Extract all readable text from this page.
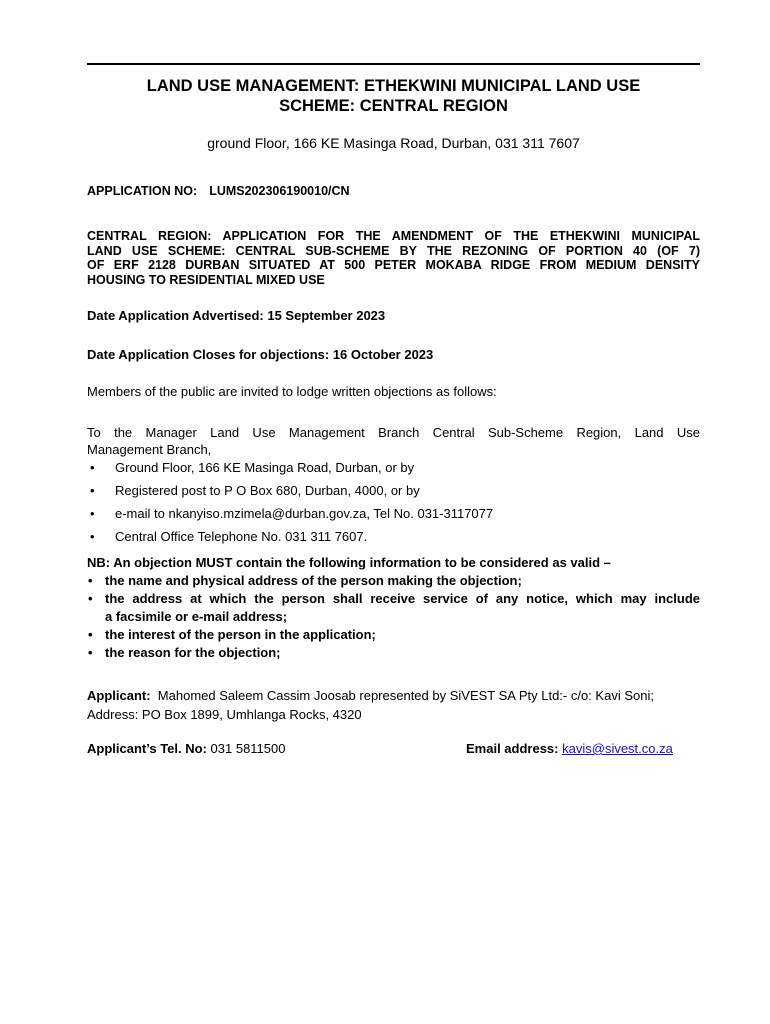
LAND USE MANAGEMENT: ETHEKWINI MUNICIPAL LAND USE
SCHEME: CENTRAL REGION
ground Floor, 166 KE Masinga Road, Durban, 031 311 7607
APPLICATION NO: LUMS202306190010/CN
CENTRAL REGION: APPLICATION FOR THE AMENDMENT OF THE ETHEKWINI MUNICIPAL
LAND USE SCHEME: CENTRAL SUB-SCHEME BY THE REZONING OF PORTION 40 (OF 7)
OF ERF 2128 DURBAN SITUATED AT 500 PETER MOKABA RIDGE FROM MEDIUM DENSITY
HOUSING TO RESIDENTIAL MIXED USE
Date Application Advertised: 15 September 2023
Date Application Closes for objections: 16 October 2023
Members of the public are invited to lodge written objections as follows:
To the Manager Land Use Management Branch Central Sub-Scheme Region, Land Use
Management Branch,
• Ground Floor, 166 KE Masinga Road, Durban, or by
• Registered post to P O Box 680, Durban, 4000, or by
• e-mail to nkanyiso.mzimela@durban.gov.za, Tel No. 031-3117077
• Central Office Telephone No. 031 311 7607.
NB: An objection MUST contain the following information to be considered as valid –
• the name and physical address of the person making the objection;
• the address at which the person shall receive service of any notice, which may include
a facsimile or e-mail address;
• the interest of the person in the application;
• the reason for the objection;
Applicant: Mahomed Saleem Cassim Joosab represented by SiVEST SA Pty Ltd:- c/o: Kavi Soni;
Address: PO Box 1899, Umhlanga Rocks, 4320
Applicant’s Tel. No: 031 5811500	Email address: kavis@sivest.co.za
